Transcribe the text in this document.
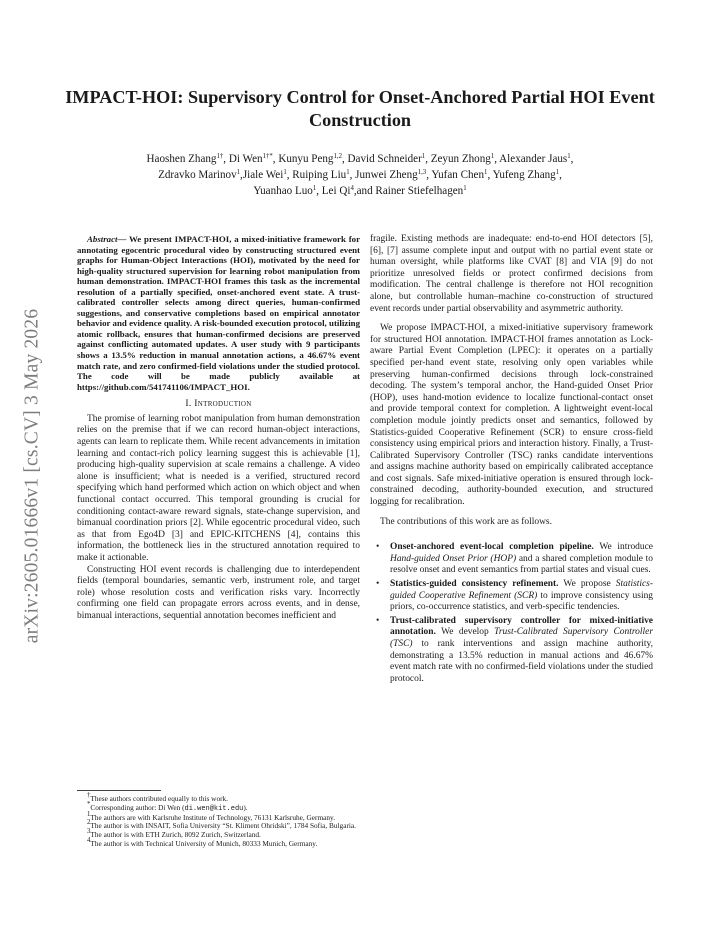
arXiv:2605.01666v1 [cs.CV] 3 May 2026
IMPACT-HOI: Supervisory Control for Onset-Anchored Partial HOI Event Construction
Haoshen Zhang$^{1\dagger}$, Di Wen$^{1\dagger*}$, Kunyu Peng$^{1,2}$, David Schneider$^1$, Zeyun Zhong$^1$, Alexander Jaus$^1$,
Zdravko Marinov$^1$,Jiale Wei$^1$, Ruiping Liu$^1$, Junwei Zheng$^{1,3}$, Yufan Chen$^1$, Yufeng Zhang$^1$,
Yuanhao Luo$^1$, Lei Qi$^4$,and Rainer Stiefelhagen$^1$

Abstract— We present IMPACT-HOI, a mixed-initiative framework for annotating egocentric procedural video by constructing structured event graphs for Human-Object Interactions (HOI), motivated by the need for high-quality structured supervision for learning robot manipulation from human demonstration. IMPACT-HOI frames this task as the incremental resolution of a partially specified, onset-anchored event state. A trust-calibrated controller selects among direct queries, human-confirmed suggestions, and conservative completions based on empirical annotator behavior and evidence quality. A risk-bounded execution protocol, utilizing atomic rollback, ensures that human-confirmed decisions are preserved against conflicting automated updates. A user study with 9 participants shows a 13.5% reduction in manual annotation actions, a 46.67% event match rate, and zero confirmed-field violations under the studied protocol. The code will be made publicly available at https://github.com/541741106/IMPACT_HOI.

I. Introduction

The promise of learning robot manipulation from human demonstration relies on the premise that if we can record human-object interactions, agents can learn to replicate them. While recent advancements in imitation learning and contact-rich policy learning suggest this is achievable [1], producing high-quality supervision at scale remains a challenge. A video alone is insufficient; what is needed is a verified, structured record specifying which hand performed which action on which object and when functional contact occurred. This temporal grounding is crucial for conditioning contact-aware reward signals, state-change supervision, and bimanual coordination priors [2]. While egocentric procedural video, such as that from Ego4D [3] and EPIC-KITCHENS [4], contains this information, the bottleneck lies in the structured annotation required to make it actionable.

Constructing HOI event records is challenging due to interdependent fields (temporal boundaries, semantic verb, instrument role, and target role) whose resolution costs and verification risks vary. Incorrectly confirming one field can propagate errors across events, and in dense, bimanual interactions, sequential annotation becomes inefficient and

†These authors contributed equally to this work.

*Corresponding author: Di Wen (di.wen@kit.edu).

$^1$The authors are with Karlsruhe Institute of Technology, 76131 Karlsruhe, Germany.

$^2$The author is with INSAIT, Sofia University “St. Kliment Ohridski”, 1784 Sofia, Bulgaria.

$^3$The author is with ETH Zurich, 8092 Zurich, Switzerland.

$^4$The author is with Technical University of Munich, 80333 Munich, Germany.

fragile. Existing methods are inadequate: end-to-end HOI detectors [5], [6], [7] assume complete input and output with no partial event state or human oversight, while platforms like CVAT [8] and VIA [9] do not prioritize unresolved fields or protect confirmed decisions from modification. The central challenge is therefore not HOI recognition alone, but controllable human–machine co-construction of structured event records under partial observability and asymmetric authority.

We propose IMPACT-HOI, a mixed-initiative supervisory framework for structured HOI annotation. IMPACT-HOI frames annotation as Lock-aware Partial Event Completion (LPEC): it operates on a partially specified per-hand event state, resolving only open variables while preserving human-confirmed decisions through lock-constrained decoding. The system’s temporal anchor, the Hand-guided Onset Prior (HOP), uses hand-motion evidence to localize functional-contact onset and provide temporal context for completion. A lightweight event-local completion module jointly predicts onset and semantics, followed by Statistics-guided Cooperative Refinement (SCR) to ensure cross-field consistency using empirical priors and interaction history. Finally, a Trust-Calibrated Supervisory Controller (TSC) ranks candidate interventions and assigns machine authority based on empirically calibrated acceptance and cost signals. Safe mixed-initiative operation is ensured through lock-constrained decoding, authority-bounded execution, and structured logging for recalibration.

The contributions of this work are as follows.

• Onset-anchored event-local completion pipeline. We introduce Hand-guided Onset Prior (HOP) and a shared completion module to resolve onset and event semantics from partial states and visual cues.
• Statistics-guided consistency refinement. We propose Statistics-guided Cooperative Refinement (SCR) to improve consistency using priors, co-occurrence statistics, and verb-specific tendencies.
• Trust-calibrated supervisory controller for mixed-initiative annotation. We develop Trust-Calibrated Supervisory Controller (TSC) to rank interventions and assign machine authority, demonstrating a 13.5% reduction in manual actions and 46.67% event match rate with no confirmed-field violations under the studied protocol.
